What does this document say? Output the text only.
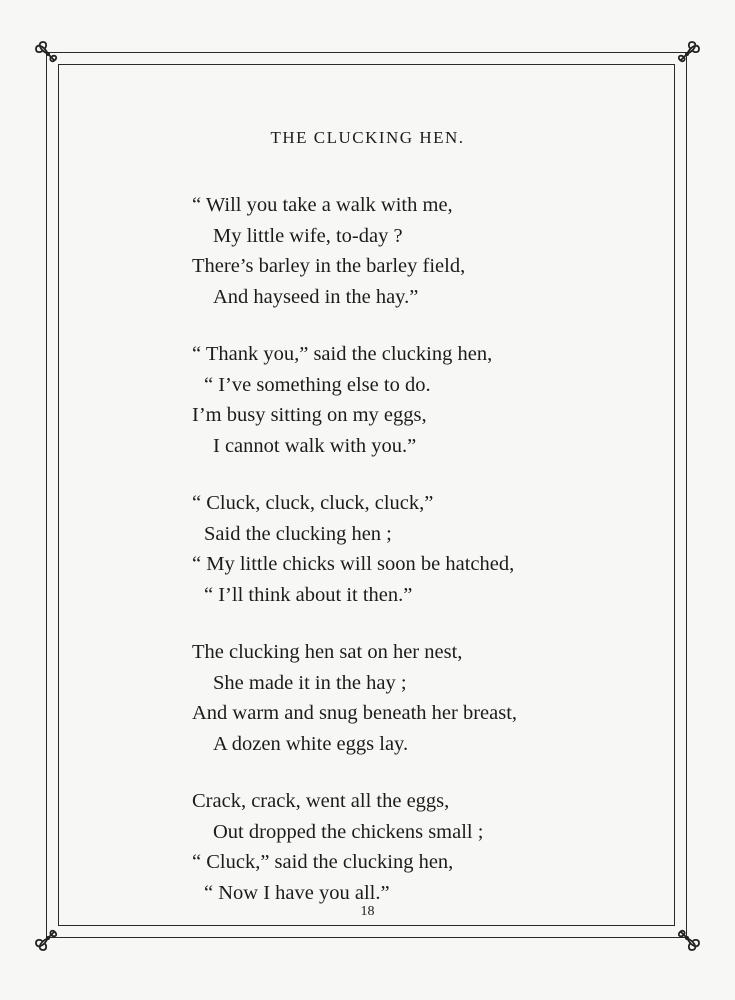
THE CLUCKING HEN.
“ Will you take a walk with me,
My little wife, to-day ?
There’s barley in the barley field,
And hayseed in the hay.”
“ Thank you,” said the clucking hen,
“ I’ve something else to do.
I’m busy sitting on my eggs,
I cannot walk with you.”
“ Cluck, cluck, cluck, cluck,”
Said the clucking hen ;
“ My little chicks will soon be hatched,
“ I’ll think about it then.”
The clucking hen sat on her nest,
She made it in the hay ;
And warm and snug beneath her breast,
A dozen white eggs lay.
Crack, crack, went all the eggs,
Out dropped the chickens small ;
“ Cluck,” said the clucking hen,
“ Now I have you all.”
18
